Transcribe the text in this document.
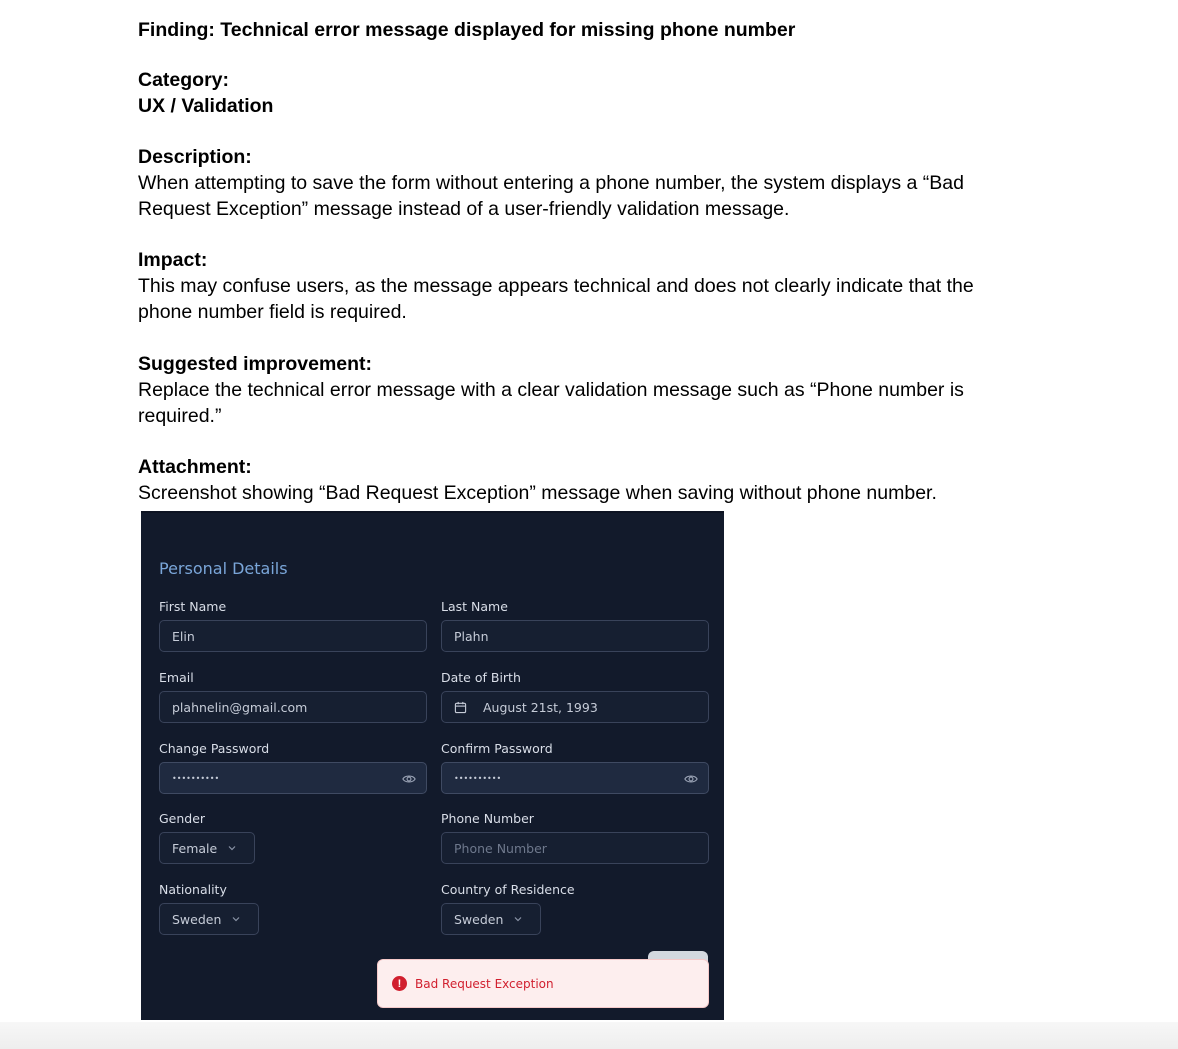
Finding: Technical error message displayed for missing phone number

Category:

UX / Validation

Description:

When attempting to save the form without entering a phone number, the system displays a “Bad

Request Exception” message instead of a user-friendly validation message.

Impact:

This may confuse users, as the message appears technical and does not clearly indicate that the

phone number field is required.

Suggested improvement:

Replace the technical error message with a clear validation message such as “Phone number is

required.”

Attachment:

Screenshot showing “Bad Request Exception” message when saving without phone number.

Personal Details
First Name
Elin
Last Name
Plahn
Email
plahnelin@gmail.com
Date of Birth
August 21st, 1993
Change Password
••••••••••
Confirm Password
••••••••••
Gender
Female
Phone Number
Phone Number
Nationality
Sweden
Country of Residence
Sweden
!	Bad Request Exception
